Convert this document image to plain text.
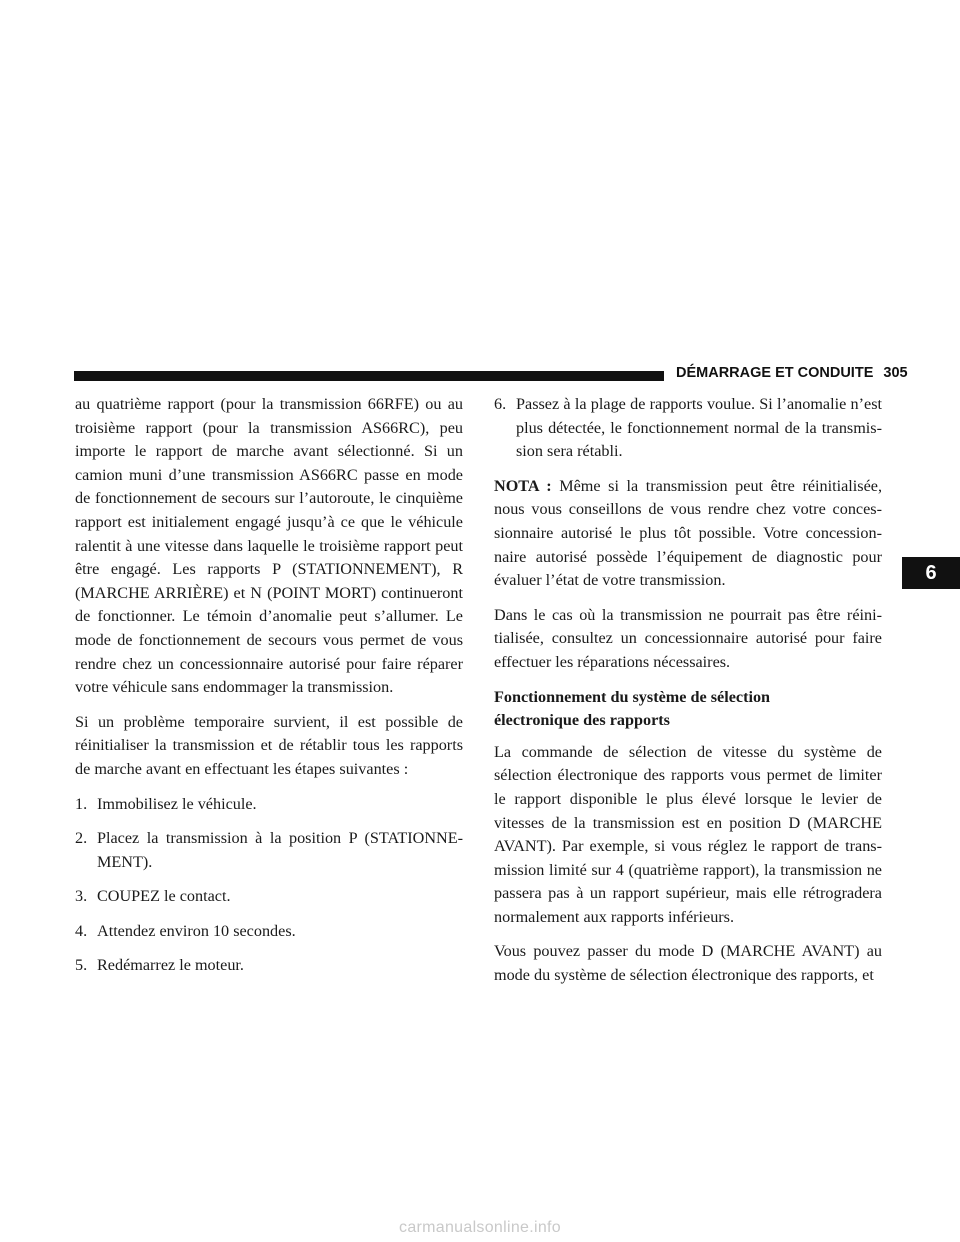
DÉMARRAGE ET CONDUITE 305

au quatrième rapport (pour la transmission 66RFE) ou au troisième rapport (pour la transmission AS66RC), peu importe le rapport de marche avant sélectionné. Si un camion muni d’une transmission AS66RC passe en mode de fonctionnement de secours sur l’autoroute, le cinquième rapport est initialement engagé jusqu’à ce que le véhicule ralentit à une vitesse dans laquelle le troisième rapport peut être engagé. Les rapports P (STATIONNEMENT), R (MARCHE ARRIÈRE) et N (POINT MORT) continueront de fonctionner. Le témoin d’anomalie peut s’allumer. Le mode de fonctionnement de secours vous permet de vous rendre chez un concessionnaire autorisé pour faire réparer votre véhicule sans endommager la transmission.

Si un problème temporaire survient, il est possible de réinitialiser la transmission et de rétablir tous les rapports de marche avant en effectuant les étapes suivantes :

1. Immobilisez le véhicule.
2. Placez la transmission à la position P (STATIONNE-MENT).
3. COUPEZ le contact.
4. Attendez environ 10 secondes.
5. Redémarrez le moteur.
6. Passez à la plage de rapports voulue. Si l’anomalie n’est plus détectée, le fonctionnement normal de la transmis-sion sera rétabli.

NOTA : Même si la transmission peut être réinitialisée, nous vous conseillons de vous rendre chez votre conces-sionnaire autorisé le plus tôt possible. Votre concession-naire autorisé possède l’équipement de diagnostic pour évaluer l’état de votre transmission.

Dans le cas où la transmission ne pourrait pas être réini-tialisée, consultez un concessionnaire autorisé pour faire effectuer les réparations nécessaires.

Fonctionnement du système de sélection
électronique des rapports

La commande de sélection de vitesse du système de sélection électronique des rapports vous permet de limiter le rapport disponible le plus élevé lorsque le levier de vitesses de la transmission est en position D (MARCHE AVANT). Par exemple, si vous réglez le rapport de trans-mission limité sur 4 (quatrième rapport), la transmission ne passera pas à un rapport supérieur, mais elle rétrogradera normalement aux rapports inférieurs.

Vous pouvez passer du mode D (MARCHE AVANT) au mode du système de sélection électronique des rapports, et

6
carmanualsonline.info
